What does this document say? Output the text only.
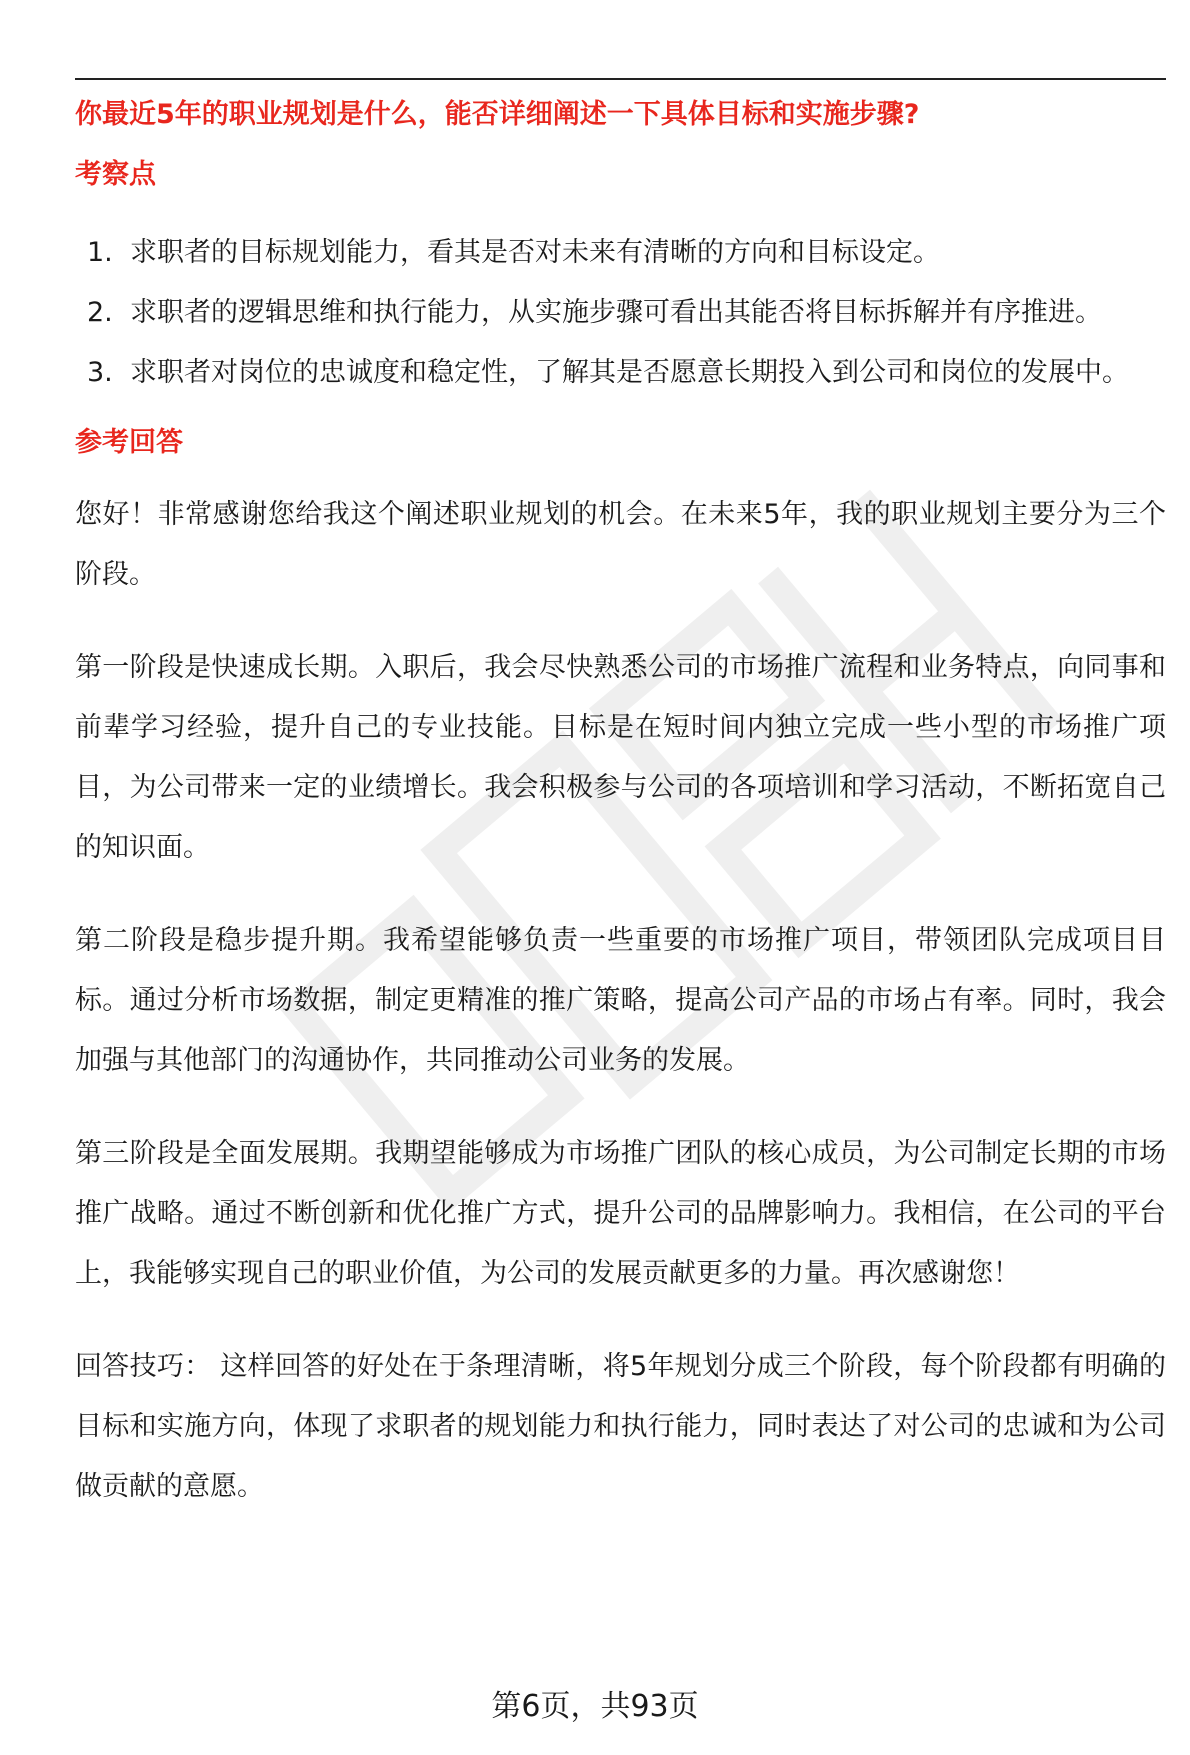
你最近5年的职业规划是什么，能否详细阐述一下具体目标和实施步骤?

考察点

1. 求职者的目标规划能力，看其是否对未来有清晰的方向和目标设定。
2. 求职者的逻辑思维和执行能力，从实施步骤可看出其能否将目标拆解并有序推进。
3. 求职者对岗位的忠诚度和稳定性，了解其是否愿意长期投入到公司和岗位的发展中。

参考回答

您好！非常感谢您给我这个阐述职业规划的机会。在未来5年，我的职业规划主要分为三个阶段。

第一阶段是快速成长期。入职后，我会尽快熟悉公司的市场推广流程和业务特点，向同事和前辈学习经验，提升自己的专业技能。目标是在短时间内独立完成一些小型的市场推广项目，为公司带来一定的业绩增长。我会积极参与公司的各项培训和学习活动，不断拓宽自己的知识面。

第二阶段是稳步提升期。我希望能够负责一些重要的市场推广项目，带领团队完成项目目标。通过分析市场数据，制定更精准的推广策略，提高公司产品的市场占有率。同时，我会加强与其他部门的沟通协作，共同推动公司业务的发展。

第三阶段是全面发展期。我期望能够成为市场推广团队的核心成员，为公司制定长期的市场推广战略。通过不断创新和优化推广方式，提升公司的品牌影响力。我相信，在公司的平台上，我能够实现自己的职业价值，为公司的发展贡献更多的力量。再次感谢您！

回答技巧： 这样回答的好处在于条理清晰，将5年规划分成三个阶段，每个阶段都有明确的目标和实施方向，体现了求职者的规划能力和执行能力，同时表达了对公司的忠诚和为公司做贡献的意愿。

第6页，共93页
